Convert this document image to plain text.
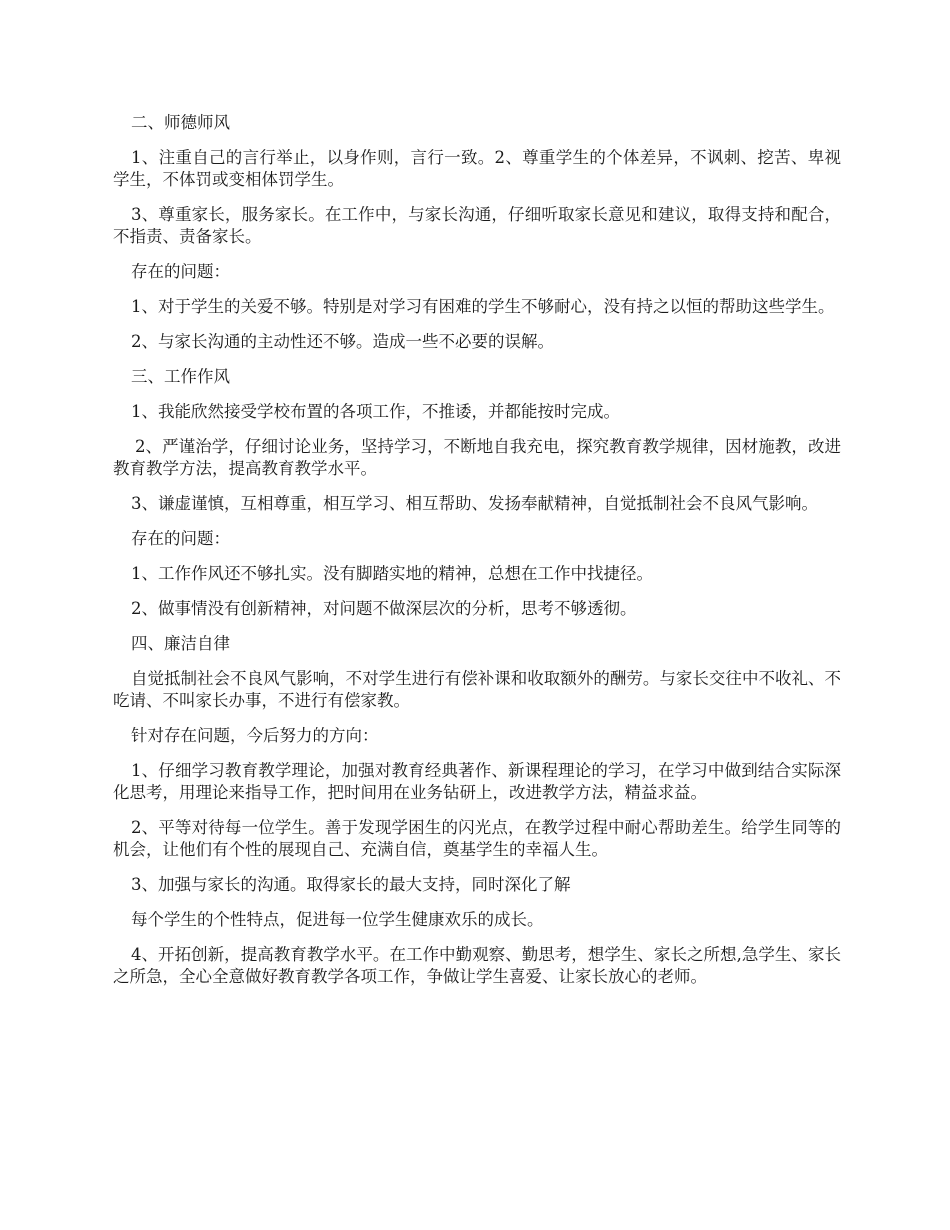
二、师德师风

1、注重自己的言行举止，以身作则，言行一致。2、尊重学生的个体差异，不讽刺、挖苦、卑视学生，不体罚或变相体罚学生。

3、尊重家长，服务家长。在工作中，与家长沟通，仔细听取家长意见和建议，取得支持和配合，不指责、责备家长。

存在的问题：

1、对于学生的关爱不够。特别是对学习有困难的学生不够耐心，没有持之以恒的帮助这些学生。

2、与家长沟通的主动性还不够。造成一些不必要的误解。

三、工作作风

1、我能欣然接受学校布置的各项工作，不推诿，并都能按时完成。

2、严谨治学，仔细讨论业务，坚持学习，不断地自我充电，探究教育教学规律，因材施教，改进教育教学方法，提高教育教学水平。

3、谦虚谨慎，互相尊重，相互学习、相互帮助、发扬奉献精神，自觉抵制社会不良风气影响。

存在的问题：

1、工作作风还不够扎实。没有脚踏实地的精神，总想在工作中找捷径。

2、做事情没有创新精神，对问题不做深层次的分析，思考不够透彻。

四、廉洁自律

自觉抵制社会不良风气影响，不对学生进行有偿补课和收取额外的酬劳。与家长交往中不收礼、不吃请、不叫家长办事，不进行有偿家教。

针对存在问题，今后努力的方向：

1、仔细学习教育教学理论，加强对教育经典著作、新课程理论的学习，在学习中做到结合实际深化思考，用理论来指导工作，把时间用在业务钻研上，改进教学方法，精益求益。

2、平等对待每一位学生。善于发现学困生的闪光点，在教学过程中耐心帮助差生。给学生同等的机会，让他们有个性的展现自己、充满自信，奠基学生的幸福人生。

3、加强与家长的沟通。取得家长的最大支持，同时深化了解

每个学生的个性特点，促进每一位学生健康欢乐的成长。

4、开拓创新，提高教育教学水平。在工作中勤观察、勤思考，想学生、家长之所想,急学生、家长之所急，全心全意做好教育教学各项工作，争做让学生喜爱、让家长放心的老师。
